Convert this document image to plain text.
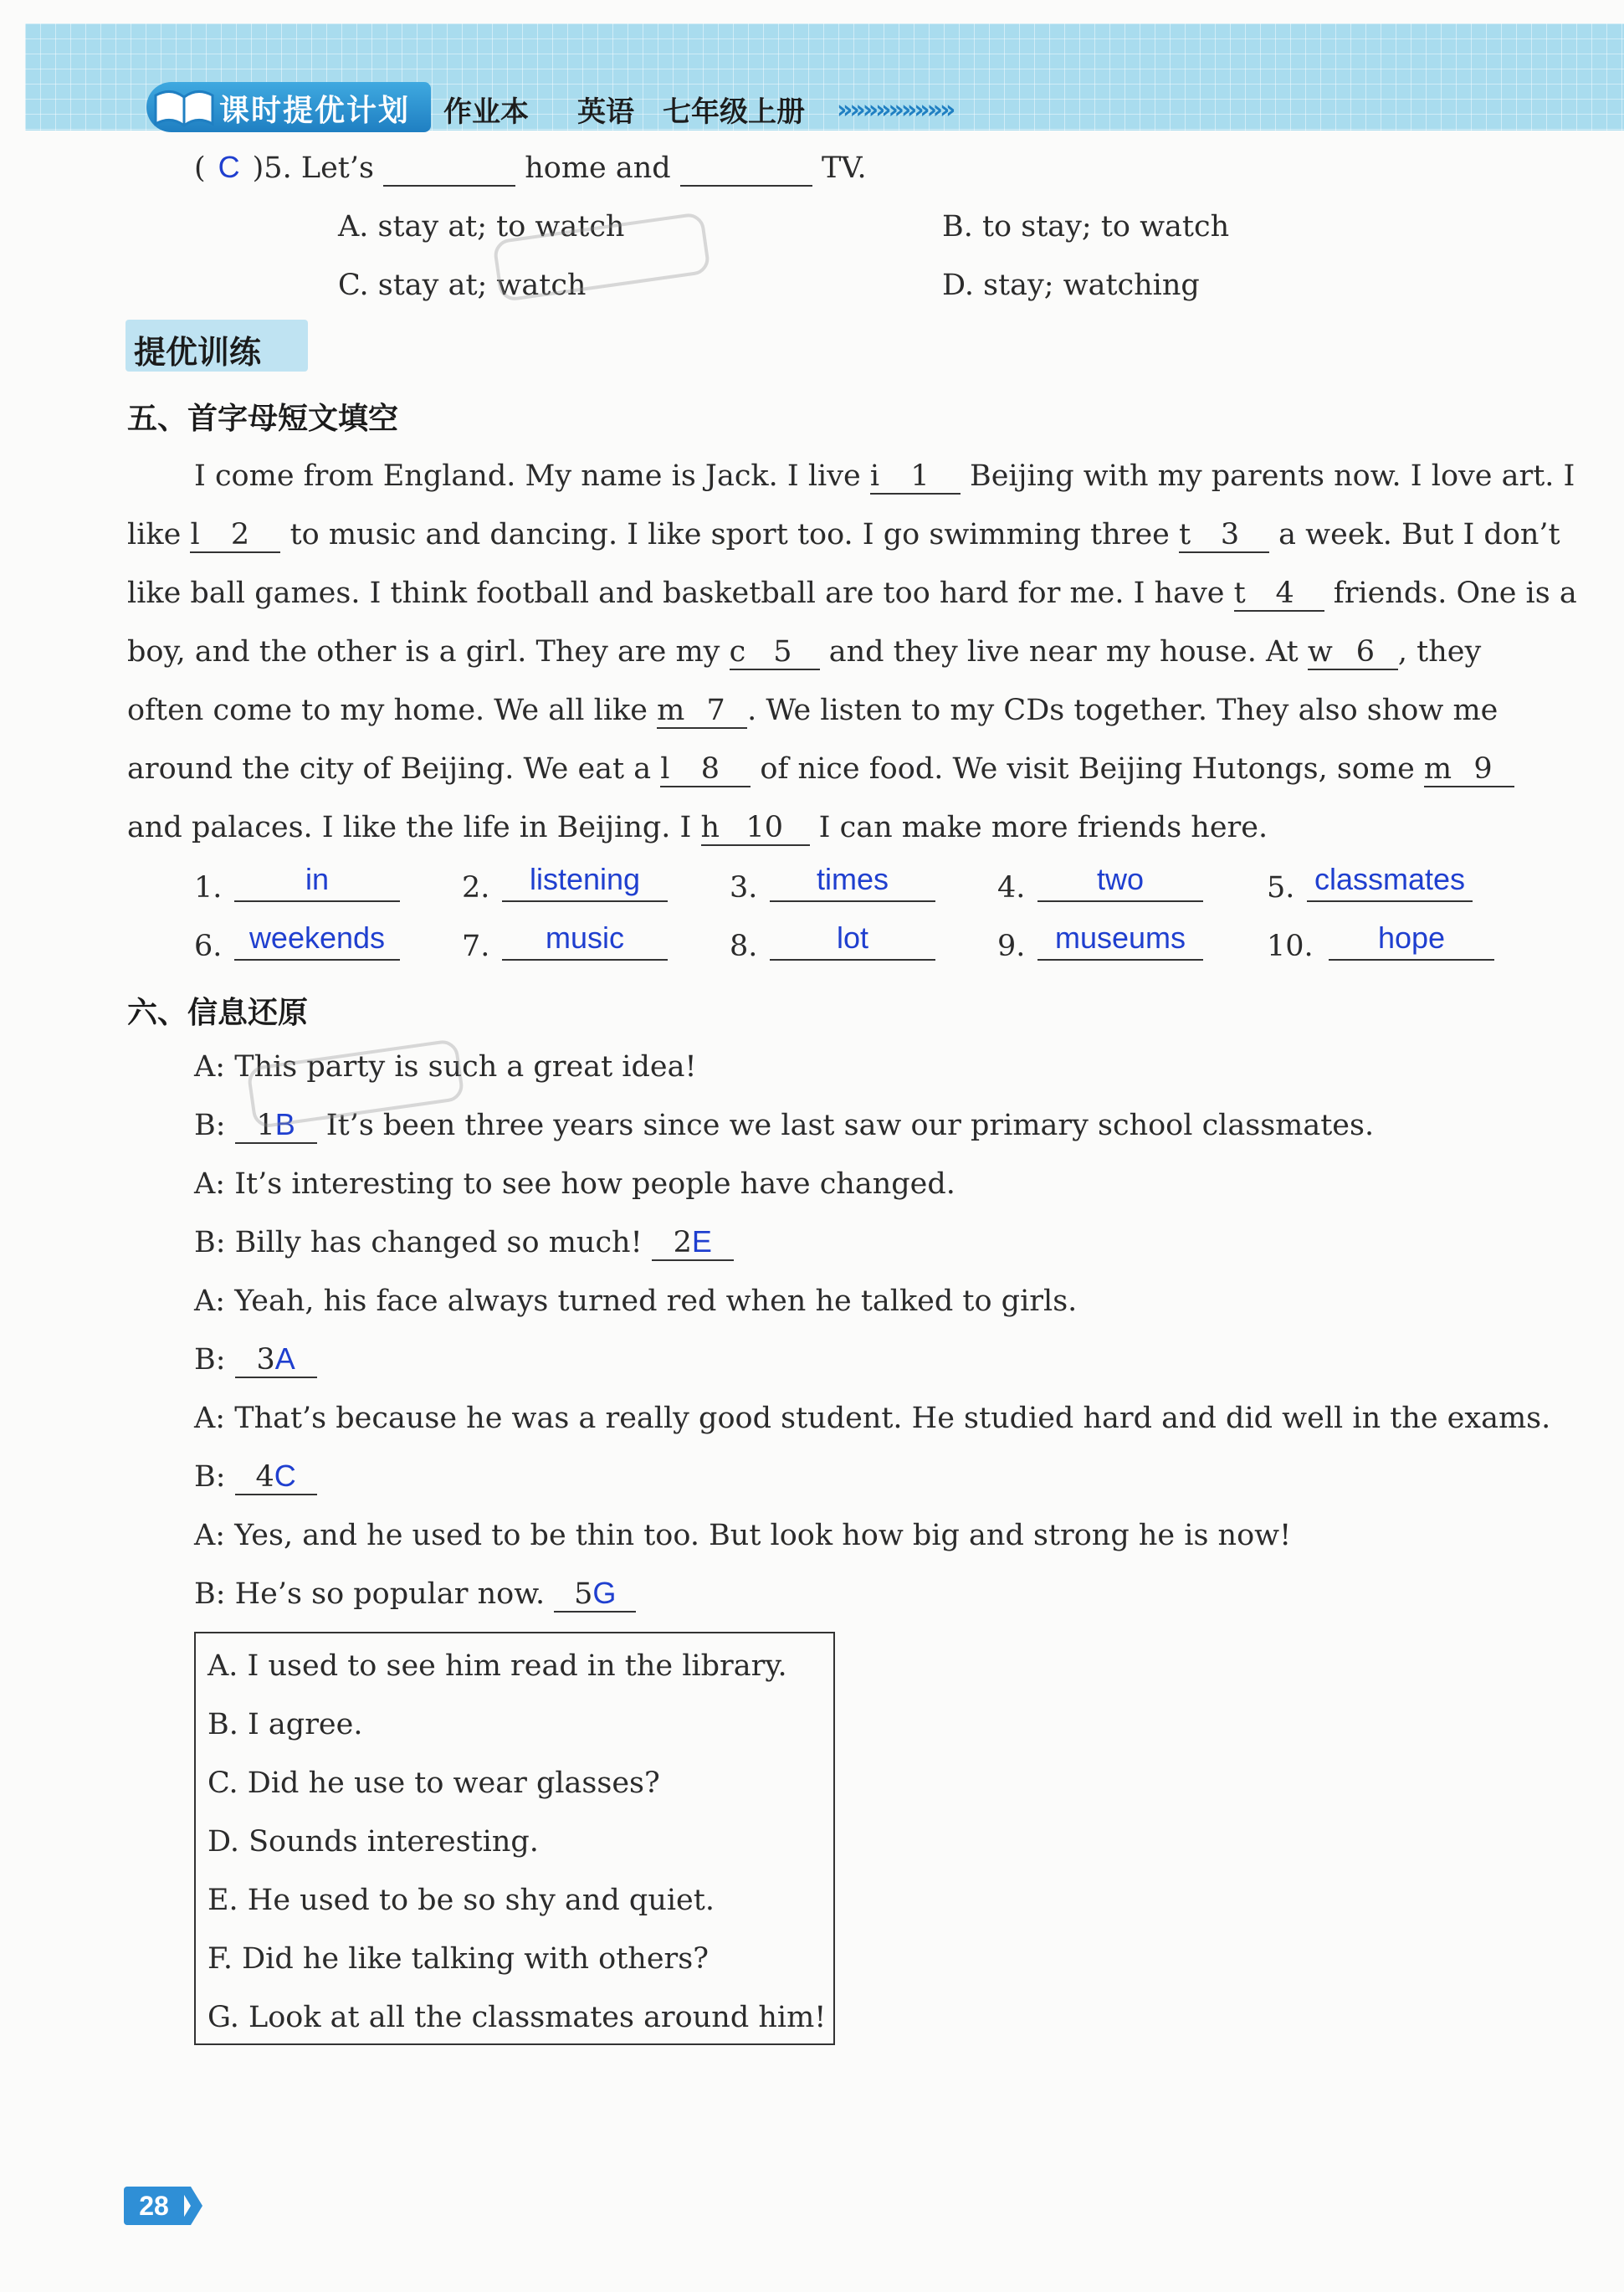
课时提优计划 作业本 英语 七年级上册 »»»»»»»»»
( C )5. Let’s	home and	TV.
A. stay at; to watch	B. to stay; to watch
C. stay at; watch	D. stay; watching
提优训练
五、首字母短文填空
I come from England. My name is Jack. I live i 1 Beijing with my parents now. I love art. I
like l 2 to music and dancing. I like sport too. I go swimming three t 3 a week. But I don’t
like ball games. I think football and basketball are too hard for me. I have t 4 friends. One is a
boy, and the other is a girl. They are my c 5 and they live near my house. At w 6 , they
often come to my home. We all like m 7 . We listen to my CDs together. They also show me
around the city of Beijing. We eat a l 8 of nice food. We visit Beijing Hutongs, some m 9
and palaces. I like the life in Beijing. I h 10 I can make more friends here.
1.	in	2.	listening	3.	times	4.	two	5. classmates
6. weekends	7.	music	8.	lot	9. museums	10.	hope
六、信息还原
A: This party is such a great idea!
B: 1B It’s been three years since we last saw our primary school classmates.
A: It’s interesting to see how people have changed.
B: Billy has changed so much! 2E
A: Yeah, his face always turned red when he talked to girls.
B: 3A
A: That’s because he was a really good student. He studied hard and did well in the exams.
B: 4C
A: Yes, and he used to be thin too. But look how big and strong he is now!
B: He’s so popular now. 5G
A. I used to see him read in the library.
B. I agree.
C. Did he use to wear glasses?
D. Sounds interesting.
E. He used to be so shy and quiet.
F. Did he like talking with others?
G. Look at all the classmates around him!
28
